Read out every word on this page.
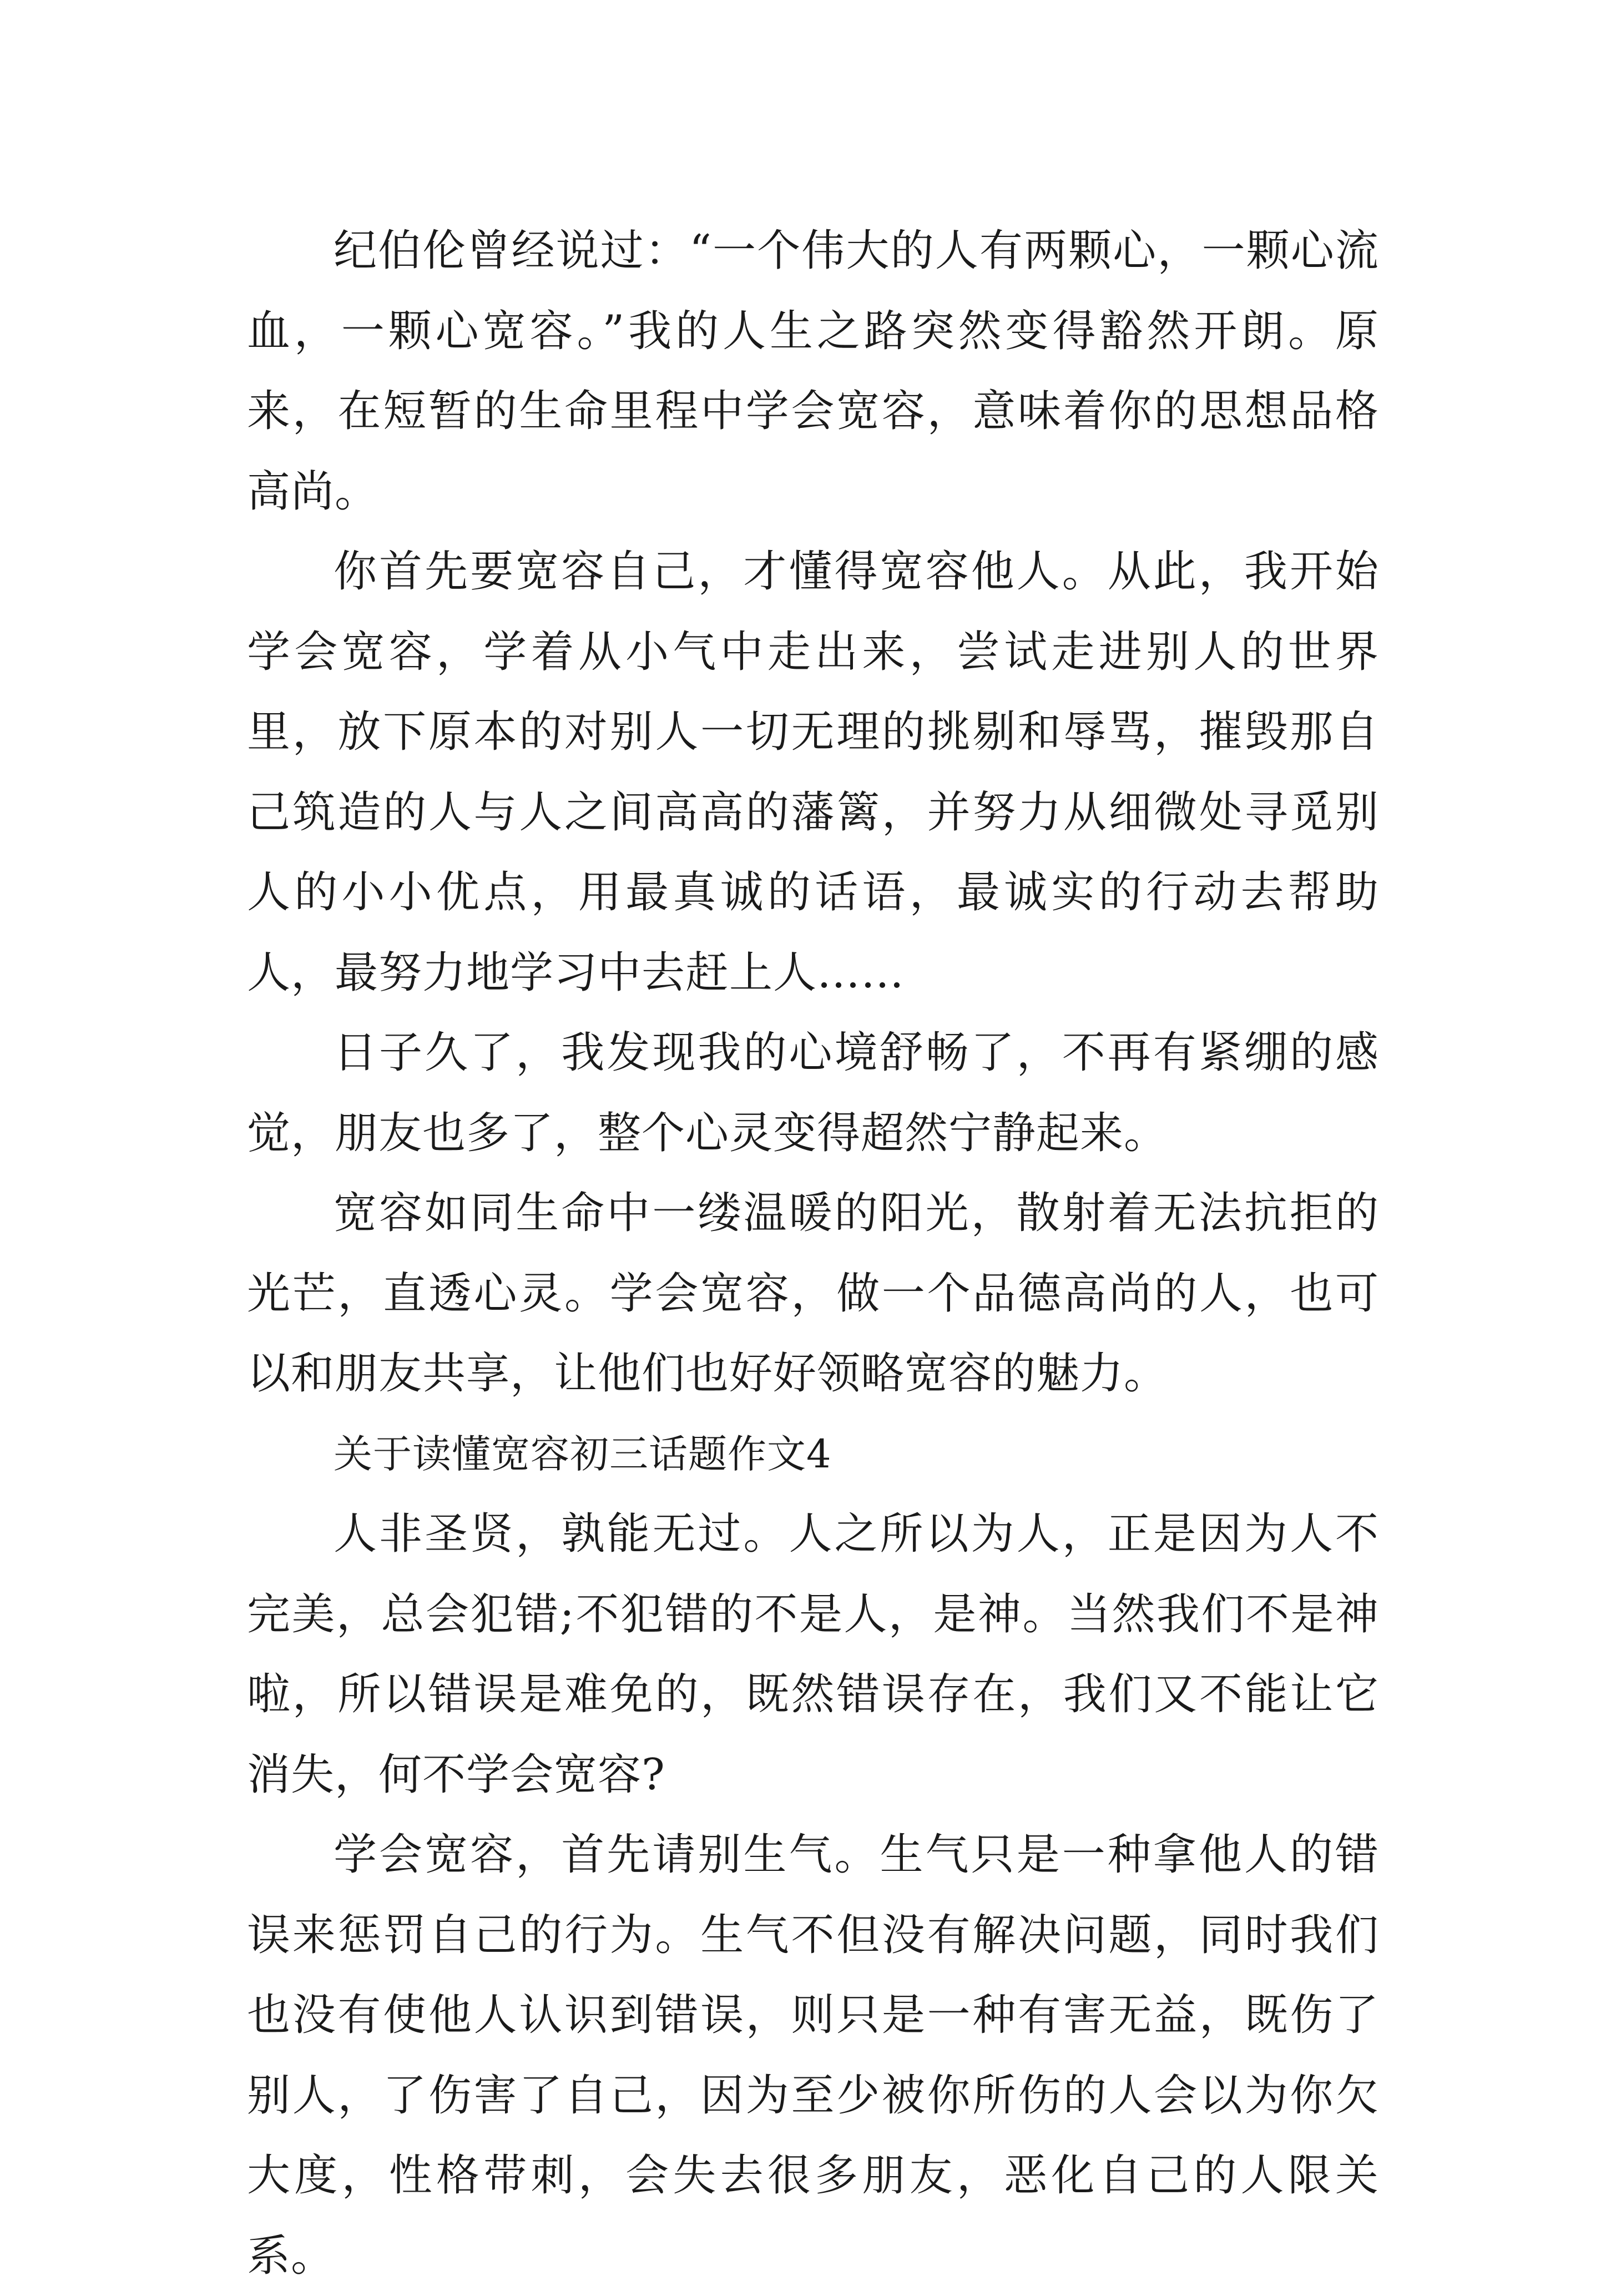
纪伯伦曾经说过：“一个伟大的人有两颗心，一颗心流血，一颗心宽容。”我的人生之路突然变得豁然开朗。原来，在短暂的生命里程中学会宽容，意味着你的思想品格高尚。

你首先要宽容自己，才懂得宽容他人。从此，我开始学会宽容，学着从小气中走出来，尝试走进别人的世界里，放下原本的对别人一切无理的挑剔和辱骂，摧毁那自己筑造的人与人之间高高的藩篱，并努力从细微处寻觅别人的小小优点，用最真诚的话语，最诚实的行动去帮助人，最努力地学习中去赶上人……

日子久了，我发现我的心境舒畅了，不再有紧绷的感觉，朋友也多了，整个心灵变得超然宁静起来。

宽容如同生命中一缕温暖的阳光，散射着无法抗拒的光芒，直透心灵。学会宽容，做一个品德高尚的人，也可以和朋友共享，让他们也好好领略宽容的魅力。

关于读懂宽容初三话题作文4

人非圣贤，孰能无过。人之所以为人，正是因为人不完美，总会犯错;不犯错的不是人，是神。当然我们不是神啦，所以错误是难免的，既然错误存在，我们又不能让它消失，何不学会宽容?

学会宽容，首先请别生气。生气只是一种拿他人的错误来惩罚自己的行为。生气不但没有解决问题，同时我们也没有使他人认识到错误，则只是一种有害无益，既伤了别人，了伤害了自己，因为至少被你所伤的人会以为你欠大度，性格带刺，会失去很多朋友，恶化自己的人限关系。
